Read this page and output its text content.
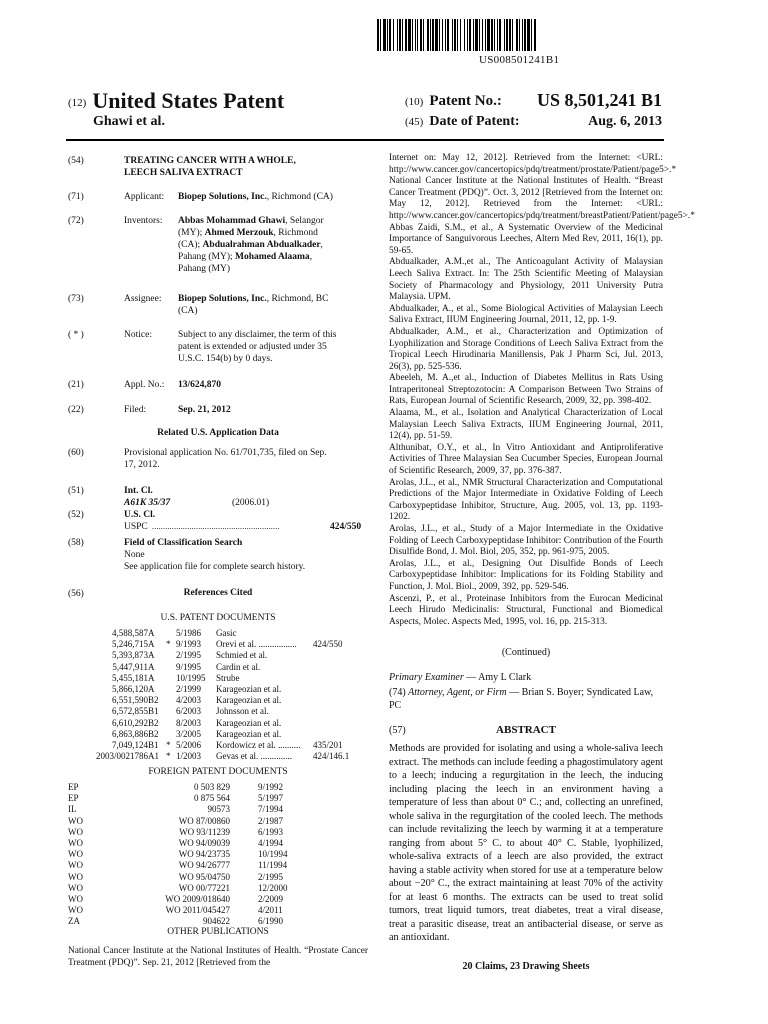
US008501241B1
(12) United States Patent
Ghawi et al.
(10) Patent No.: US 8,501,241 B1
(45) Date of Patent:	Aug. 6, 2013
(54)	TREATING CANCER WITH A WHOLE,
LEECH SALIVA EXTRACT
(71)	Applicant: Biopep Solutions, Inc., Richmond (CA)
(72)	Inventors: Abbas Mohammad Ghawi, Selangor
(MY); Ahmed Merzouk, Richmond
(CA); Abdualrahman Abdualkader,
Pahang (MY); Mohamed Alaama,
Pahang (MY)
(73)	Assignee: Biopep Solutions, Inc., Richmond, BC
(CA)
( * )	Notice:	Subject to any disclaimer, the term of this
patent is extended or adjusted under 35
U.S.C. 154(b) by 0 days.
(21)	Appl. No.: 13/624,870
(22)	Filed:	Sep. 21, 2012
Related U.S. Application Data
(60)	Provisional application No. 61/701,735, filed on Sep.
17, 2012.
(51)	Int. Cl.
A61K 35/37	(2006.01)
(52)	U.S. Cl.
USPC ..........................................................	424/550
(58)	Field of Classification Search
None
See application file for complete search history.
(56)	References Cited
U.S. PATENT DOCUMENTS
4,588,587 A 5/1986 Gasic
5,246,715 A * 9/1993 Orevi et al. ................. 424/550
5,393,873 A 2/1995 Schmied et al.
5,447,911 A 9/1995 Cardin et al.
5,455,181 A 10/1995 Strube
5,866,120 A 2/1999 Karageozian et al.
6,551,590 B2 4/2003 Karageozian et al.
6,572,855 B1 6/2003 Johnsson et al.
6,610,292 B2 8/2003 Karageozian et al.
6,863,886 B2 3/2005 Karageozian et al.
7,049,124 B1 * 5/2006 Kordowicz et al. .......... 435/201
2003/0021786 A1 * 1/2003 Gevas et al. .............. 424/146.1
FOREIGN PATENT DOCUMENTS
EP	0 503 829	9/1992
EP	0 875 564	5/1997
IL	90573	7/1994
WO	WO 87/00860	2/1987
WO	WO 93/11239	6/1993
WO	WO 94/09039	4/1994
WO	WO 94/23735	10/1994
WO	WO 94/26777	11/1994
WO	WO 95/04750	2/1995
WO	WO 00/77221	12/2000
WO	WO 2009/018640	2/2009
WO	WO 2011/045427	4/2011
ZA	904622	6/1990
OTHER PUBLICATIONS
National Cancer Institute at the National Institutes of Health. “Prostate Cancer Treatment (PDQ)”. Sep. 21, 2012 [Retrieved from the

Internet on: May 12, 2012]. Retrieved from the Internet: <URL: http://www.cancer.gov/cancertopics/pdq/treatment/prostate/Patient/page5>.*

National Cancer Institute at the National Institutes of Health. “Breast Cancer Treatment (PDQ)”. Oct. 3, 2012 [Retrieved from the Internet on: May 12, 2012]. Retrieved from the Internet: <URL: http://www.cancer.gov/cancertopics/pdq/treatment/breastPatient/Patient/page5>.*

Abbas Zaidi, S.M., et al., A Systematic Overview of the Medicinal Importance of Sanguivorous Leeches, Altern Med Rev, 2011, 16(1), pp. 59-65.

Abdualkader, A.M.,et al., The Anticoagulant Activity of Malaysian Leech Saliva Extract. In: The 25th Scientific Meeting of Malaysian Society of Pharmacology and Physiology, 2011 University Putra Malaysia. UPM.

Abdualkader, A., et al., Some Biological Activities of Malaysian Leech Saliva Extract, IIUM Engineering Journal, 2011, 12, pp. 1-9.

Abdualkader, A.M., et al., Characterization and Optimization of Lyophilization and Storage Conditions of Leech Saliva Extract from the Tropical Leech Hirudinaria Manillensis, Pak J Pharm Sci, Jul. 2013, 26(3), pp. 525-536.

Abeeleh, M. A.,et al., Induction of Diabetes Mellitus in Rats Using Intraperitoneal Streptozotocin: A Comparison Between Two Strains of Rats, European Journal of Scientific Research, 2009, 32, pp. 398-402.

Alaama, M., et al., Isolation and Analytical Characterization of Local Malaysian Leech Saliva Extracts, IIUM Engineering Journal, 2011, 12(4), pp. 51-59.

Althunibat, O.Y., et al., In Vitro Antioxidant and Antiproliferative Activities of Three Malaysian Sea Cucumber Species, European Journal of Scientific Research, 2009, 37, pp. 376-387.

Arolas, J.L., et al., NMR Structural Characterization and Computational Predictions of the Major Intermediate in Oxidative Folding of Leech Carboxypeptidase Inhibitor, Structure, Aug. 2005, vol. 13, pp. 1193-1202.

Arolas, J.L., et al., Study of a Major Intermediate in the Oxidative Folding of Leech Carboxypeptidase Inhibitor: Contribution of the Fourth Disulfide Bond, J. Mol. Biol, 205, 352, pp. 961-975, 2005.

Arolas, J.L., et al., Designing Out Disulfide Bonds of Leech Carboxypeptidase Inhibitor: Implications for its Folding Stability and Function, J. Mol. Biol., 2009, 392, pp. 529-546.

Ascenzi, P., et al., Proteinase Inhibitors from the Eurocan Medicinal Leech Hirudo Medicinalis: Structural, Functional and Biomedical Aspects, Molec. Aspects Med, 1995, vol. 16, pp. 215-313.

(Continued)
Primary Examiner — Amy L Clark
(74) Attorney, Agent, or Firm — Brian S. Boyer; Syndicated Law, PC
(57)	ABSTRACT
Methods are provided for isolating and using a whole-saliva leech extract. The methods can include feeding a phagostimulatory agent to a leech; inducing a regurgitation in the leech, the inducing including placing the leech in an environment having a temperature of less than about 0° C.; and, collecting an unrefined, whole saliva in the regurgitation of the cooled leech. The methods can include revitalizing the leech by warming it at a temperature ranging from about 5° C. to about 40° C. Stable, lyophilized, whole-saliva extracts of a leech are also provided, the extract having a stable activity when stored for use at a temperature below about −20° C., the extract maintaining at least 70% of the activity for at least 6 months. The extracts can be used to treat solid tumors, treat liquid tumors, treat diabetes, treat a viral disease, treat a parasitic disease, treat an antibacterial disease, or serve as an antioxidant.
20 Claims, 23 Drawing Sheets
